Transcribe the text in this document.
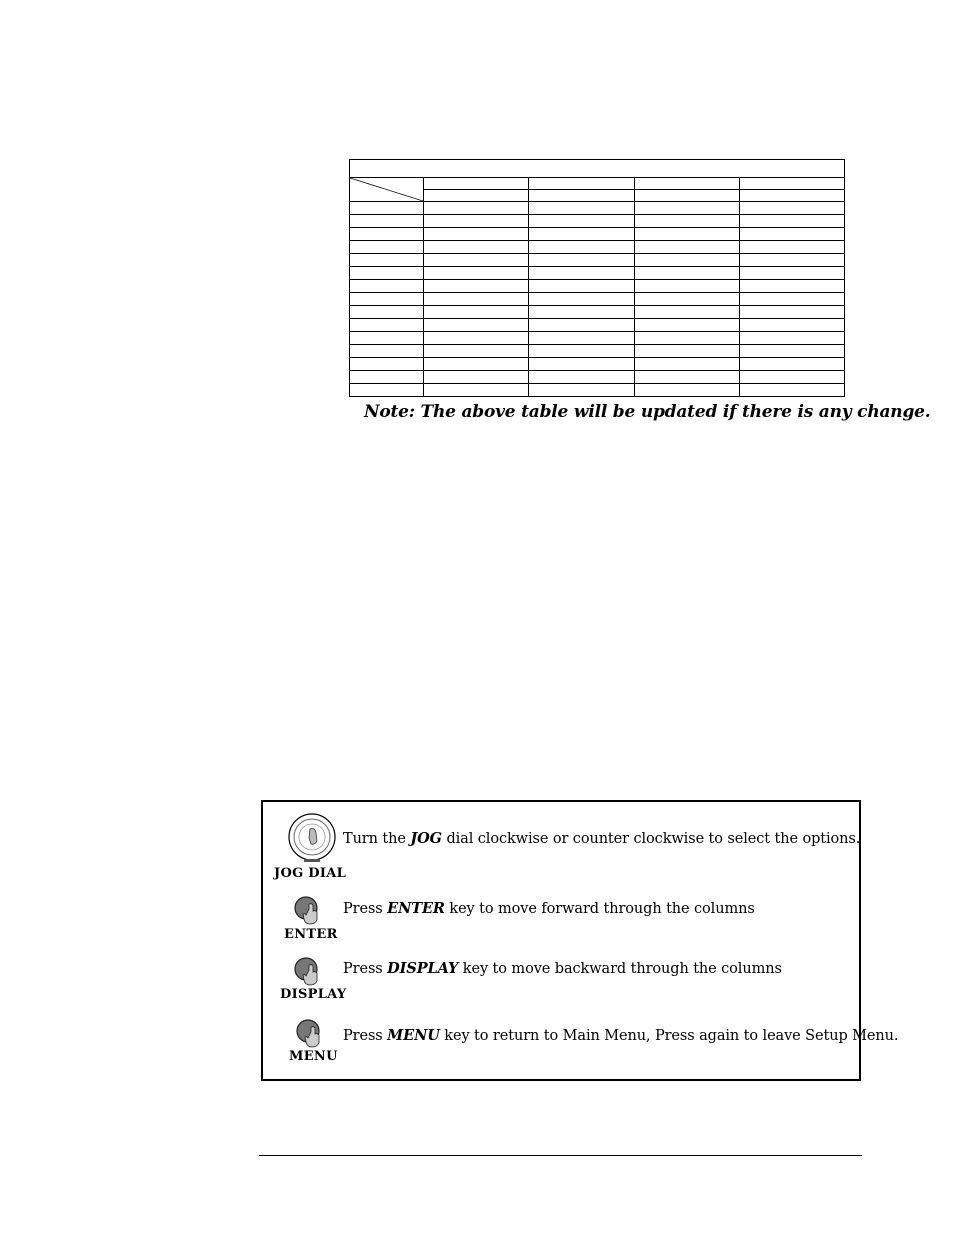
Note: The above table will be updated if there is any change.
JOG DIAL
Turn the JOG dial clockwise or counter clockwise to select the options.
ENTER
Press ENTER key to move forward through the columns
DISPLAY
Press DISPLAY key to move backward through the columns
MENU
Press MENU key to return to Main Menu, Press again to leave Setup Menu.
